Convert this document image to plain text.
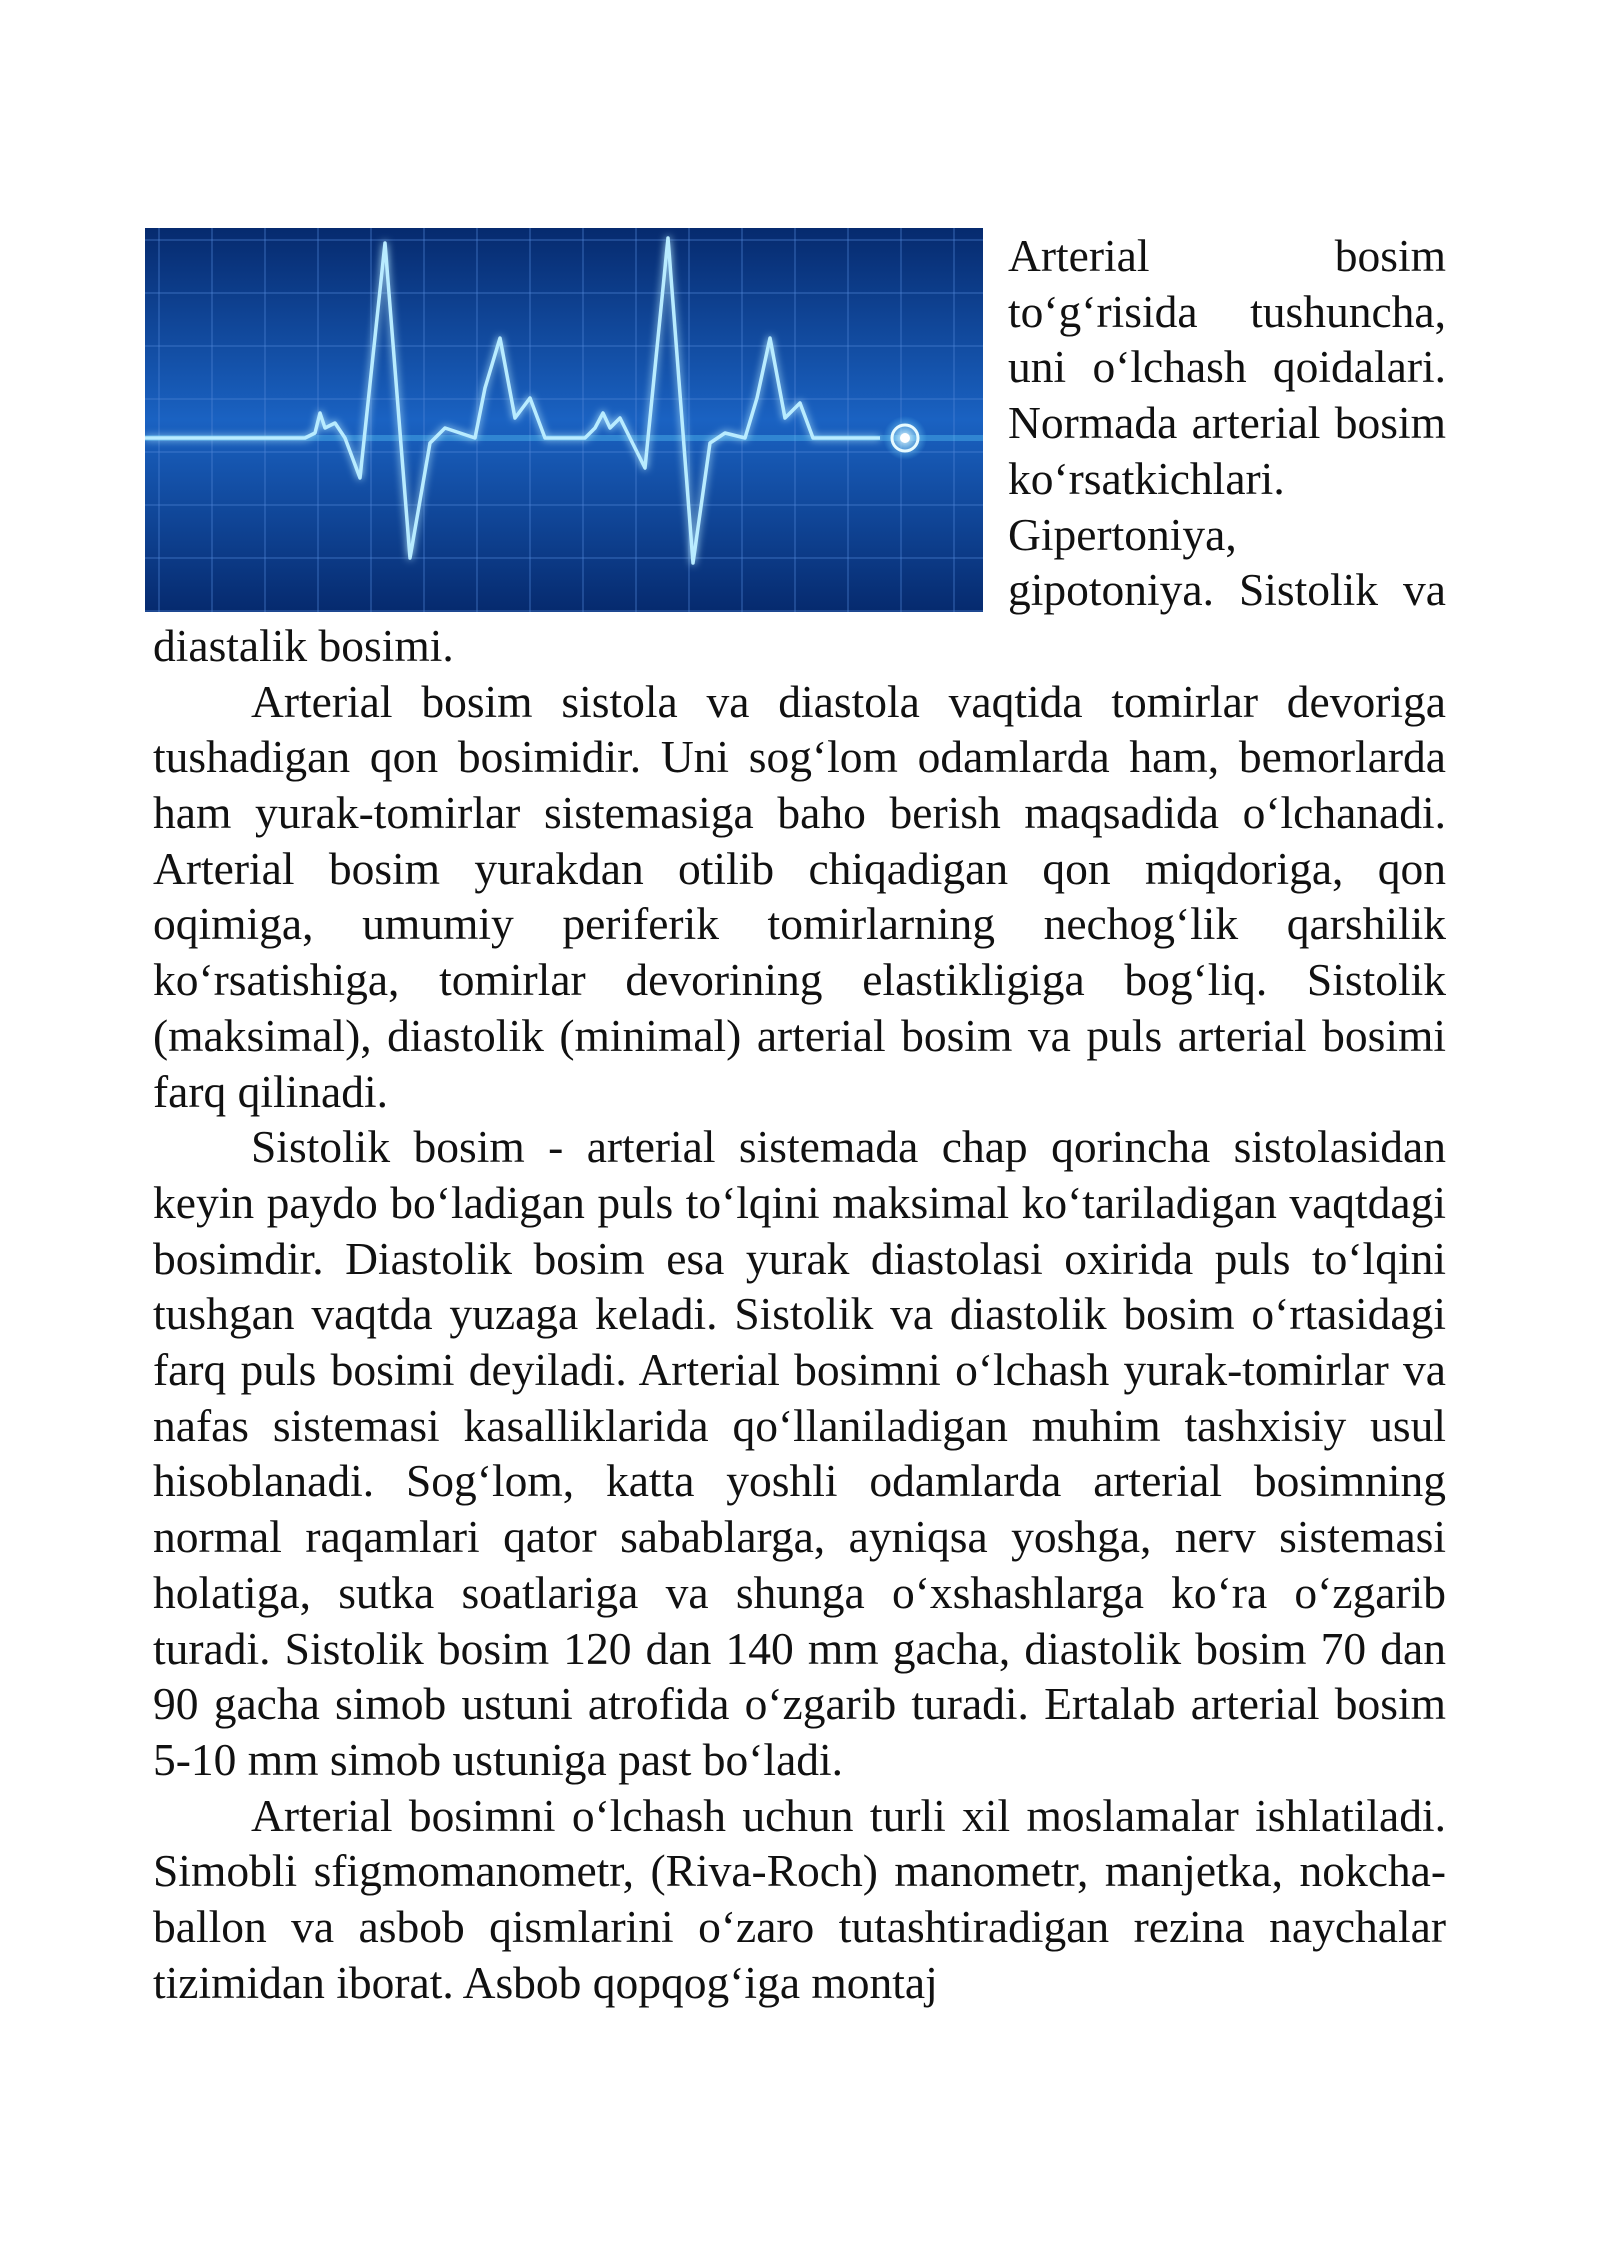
Arterial bosim to‘g‘risida tushuncha, uni o‘lchash qoidalari. Normada arterial bosim ko‘rsatkichlari. Gipertoniya, gipotoniya. Sistolik va diastalik bosimi.

Arterial bosim sistola va diastola vaqtida tomirlar devoriga tushadigan qon bosimidir. Uni sog‘lom odamlarda ham, bemorlarda ham yurak-tomirlar sistemasiga baho berish maqsadida o‘lchanadi. Arterial bosim yurakdan otilib chiqadigan qon miqdoriga, qon oqimiga, umumiy periferik tomirlarning nechog‘lik qarshilik ko‘rsatishiga, tomirlar devorining elastikligiga bog‘liq. Sistolik (maksimal), diastolik (minimal) arterial bosim va puls arterial bosimi farq qilinadi.

Sistolik bosim - arterial sistemada chap qorincha sistolasidan keyin paydo bo‘ladigan puls to‘lqini maksimal ko‘tariladigan vaqtdagi bosimdir. Diastolik bosim esa yurak diastolasi oxirida puls to‘lqini tushgan vaqtda yuzaga keladi. Sistolik va diastolik bosim o‘rtasidagi farq puls bosimi deyiladi. Arterial bosimni o‘lchash yurak-tomirlar va nafas sistemasi kasalliklarida qo‘llaniladigan muhim tashxisiy usul hisoblanadi. Sog‘lom, katta yoshli odamlarda arterial bosimning normal raqamlari qator sabablarga, ayniqsa yoshga, nerv sistemasi holatiga, sutka soatlariga va shunga o‘xshashlarga ko‘ra o‘zgarib turadi. Sistolik bosim 120 dan 140 mm gacha, diastolik bosim 70 dan 90 gacha simob ustuni atrofida o‘zgarib turadi. Ertalab arterial bosim 5-10 mm simob ustuniga past bo‘ladi.

Arterial bosimni o‘lchash uchun turli xil moslamalar ishlatiladi. Simobli sfigmomanometr, (Riva-Roch) manometr, manjetka, nokcha-ballon va asbob qismlarini o‘zaro tutashtiradigan rezina naychalar tizimidan iborat. Asbob qopqog‘iga montaj
